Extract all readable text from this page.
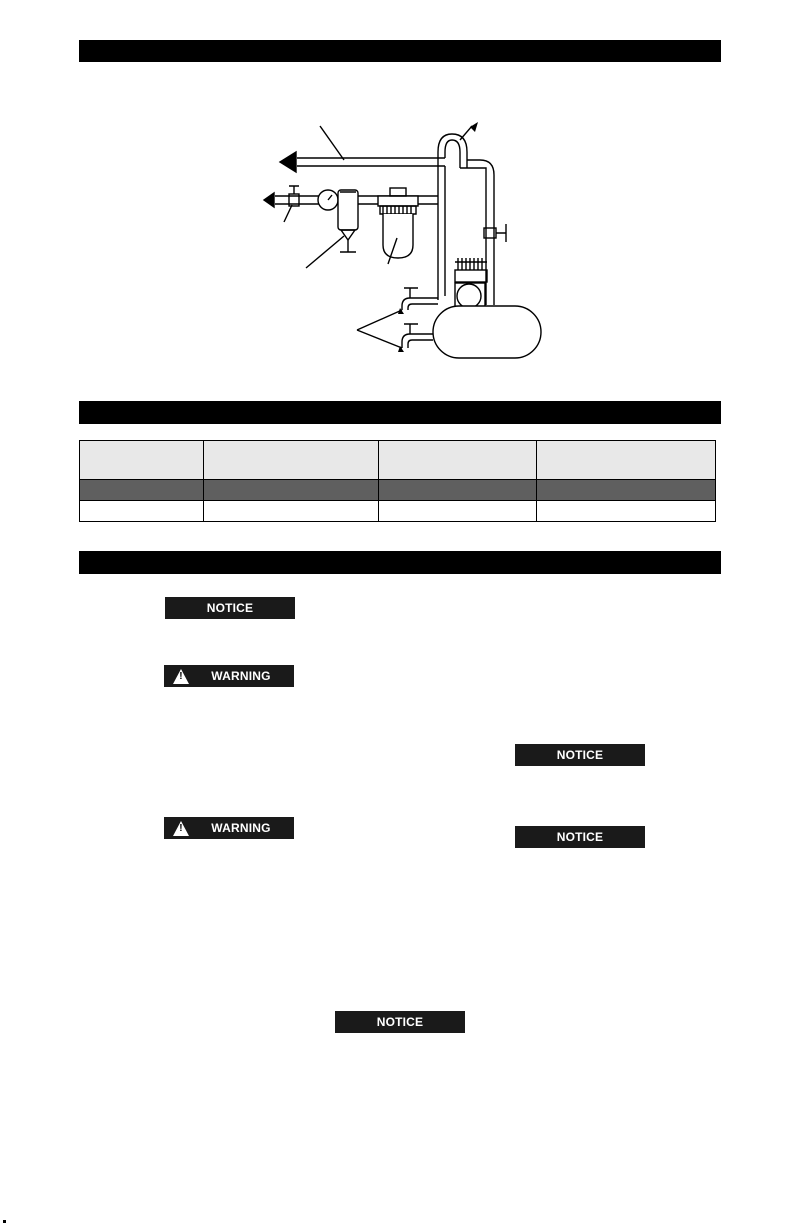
NOTICE
! WARNING
NOTICE
! WARNING
NOTICE
NOTICE
